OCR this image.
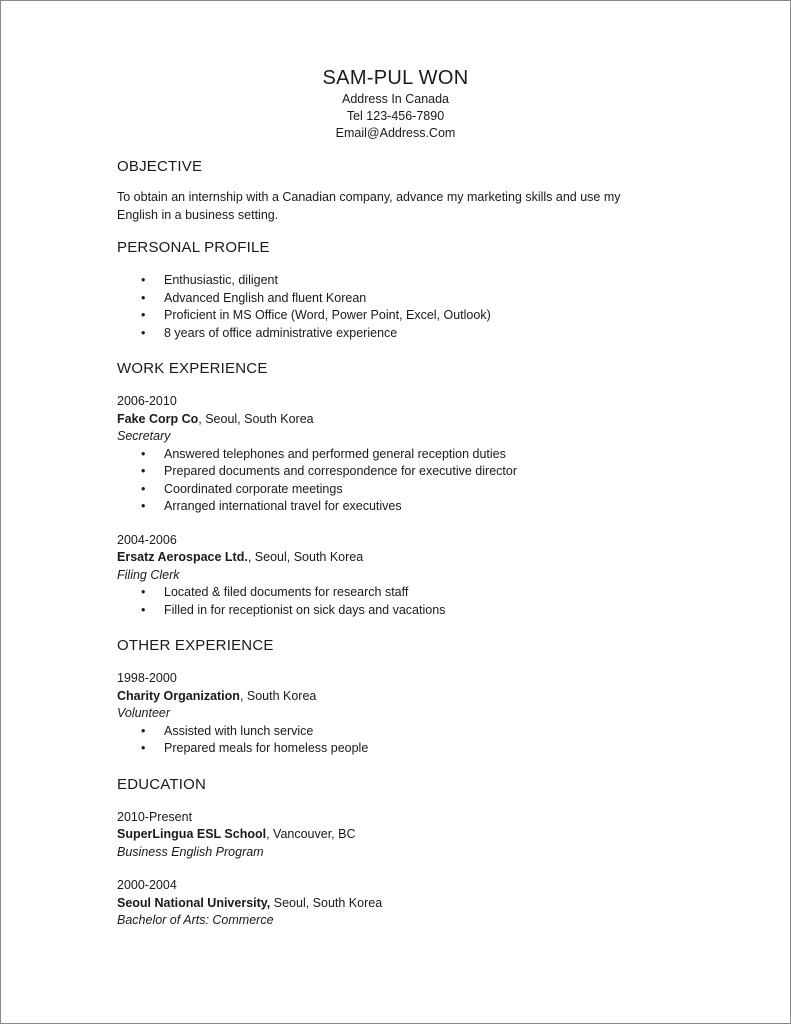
SAM-PUL WON
Address In Canada
Tel 123-456-7890
Email@Address.Com
OBJECTIVE

To obtain an internship with a Canadian company, advance my marketing skills and use my
English in a business setting.

PERSONAL PROFILE
• Enthusiastic, diligent
• Advanced English and fluent Korean
• Proficient in MS Office (Word, Power Point, Excel, Outlook)
• 8 years of office administrative experience
WORK EXPERIENCE
2006-2010
Fake Corp Co, Seoul, South Korea
Secretary
• Answered telephones and performed general reception duties
• Prepared documents and correspondence for executive director
• Coordinated corporate meetings
• Arranged international travel for executives
2004-2006
Ersatz Aerospace Ltd., Seoul, South Korea
Filing Clerk
• Located & filed documents for research staff
• Filled in for receptionist on sick days and vacations
OTHER EXPERIENCE
1998-2000
Charity Organization, South Korea
Volunteer
• Assisted with lunch service
• Prepared meals for homeless people
EDUCATION
2010-Present
SuperLingua ESL School, Vancouver, BC
Business English Program
2000-2004
Seoul National University, Seoul, South Korea
Bachelor of Arts: Commerce
